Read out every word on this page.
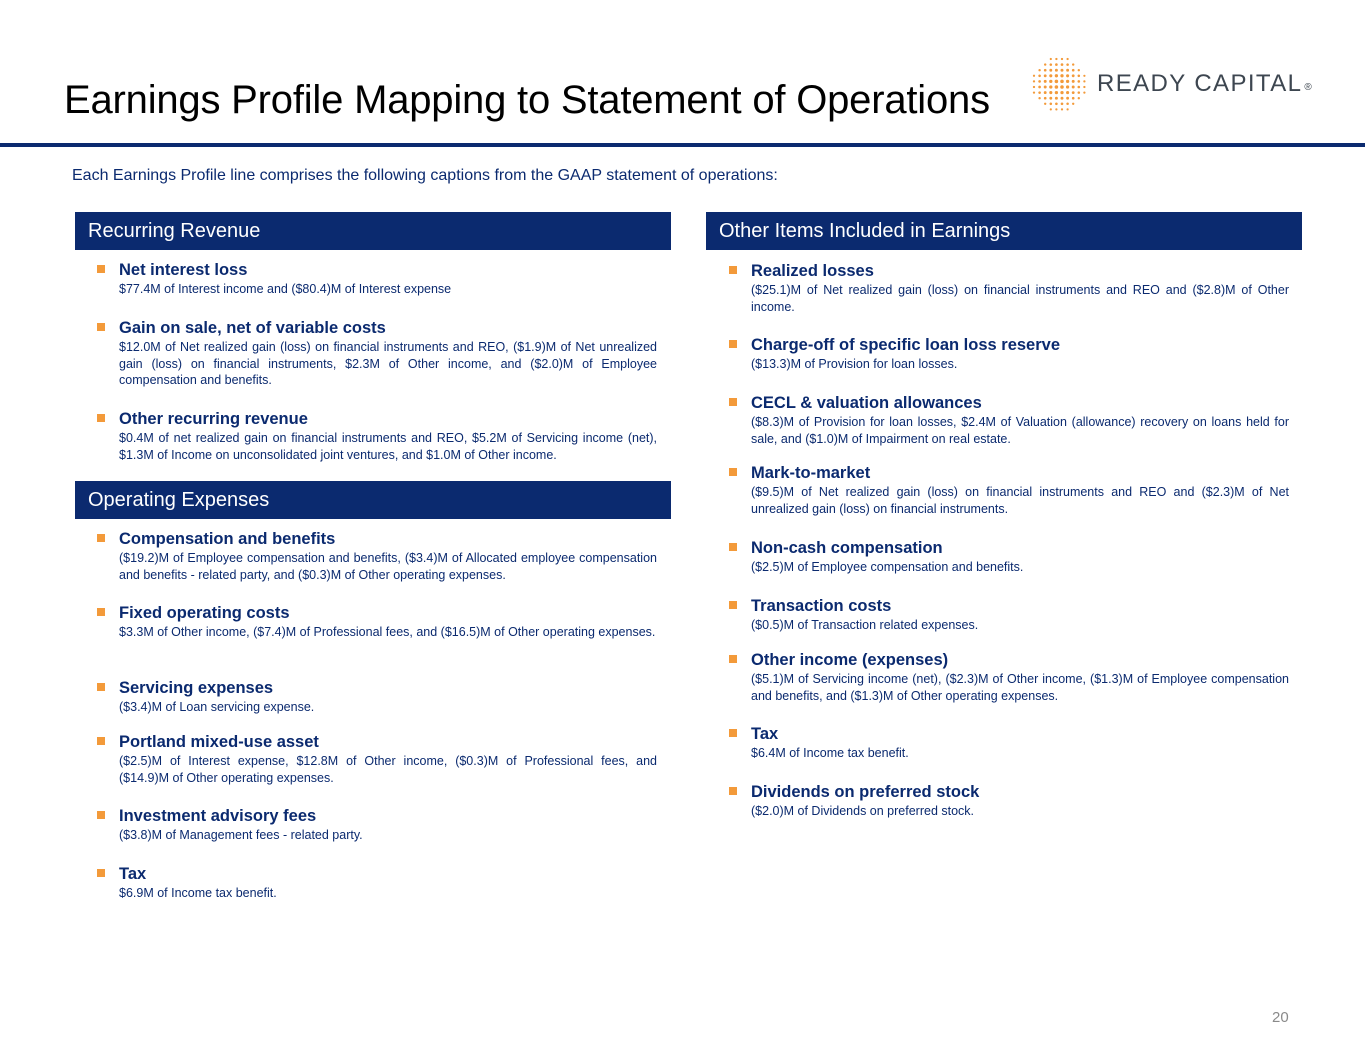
Earnings Profile Mapping to Statement of Operations	READY CAPITAL ®
Each Earnings Profile line comprises the following captions from the GAAP statement of operations:
Recurring Revenue
Net interest loss
$77.4M of Interest income and ($80.4)M of Interest expense
Gain on sale, net of variable costs
$12.0M of Net realized gain (loss) on financial instruments and REO, ($1.9)M of Net unrealized gain (loss) on financial instruments, $2.3M of Other income, and ($2.0)M of Employee compensation and benefits.
Other recurring revenue
$0.4M of net realized gain on financial instruments and REO, $5.2M of Servicing income (net), $1.3M of Income on unconsolidated joint ventures, and $1.0M of Other income.
Operating Expenses
Compensation and benefits
($19.2)M of Employee compensation and benefits, ($3.4)M of Allocated employee compensation and benefits - related party, and ($0.3)M of Other operating expenses.
Fixed operating costs
$3.3M of Other income, ($7.4)M of Professional fees, and ($16.5)M of Other operating expenses.
Servicing expenses
($3.4)M of Loan servicing expense.
Portland mixed-use asset
($2.5)M of Interest expense, $12.8M of Other income, ($0.3)M of Professional fees, and ($14.9)M of Other operating expenses.
Investment advisory fees
($3.8)M of Management fees - related party.
Tax
$6.9M of Income tax benefit.
Other Items Included in Earnings
Realized losses
($25.1)M of Net realized gain (loss) on financial instruments and REO and ($2.8)M of Other income.
Charge-off of specific loan loss reserve
($13.3)M of Provision for loan losses.
CECL & valuation allowances
($8.3)M of Provision for loan losses, $2.4M of Valuation (allowance) recovery on loans held for sale, and ($1.0)M of Impairment on real estate.
Mark-to-market
($9.5)M of Net realized gain (loss) on financial instruments and REO and ($2.3)M of Net unrealized gain (loss) on financial instruments.
Non-cash compensation
($2.5)M of Employee compensation and benefits.
Transaction costs
($0.5)M of Transaction related expenses.
Other income (expenses)
($5.1)M of Servicing income (net), ($2.3)M of Other income, ($1.3)M of Employee compensation and benefits, and ($1.3)M of Other operating expenses.
Tax
$6.4M of Income tax benefit.
Dividends on preferred stock
($2.0)M of Dividends on preferred stock.
20
